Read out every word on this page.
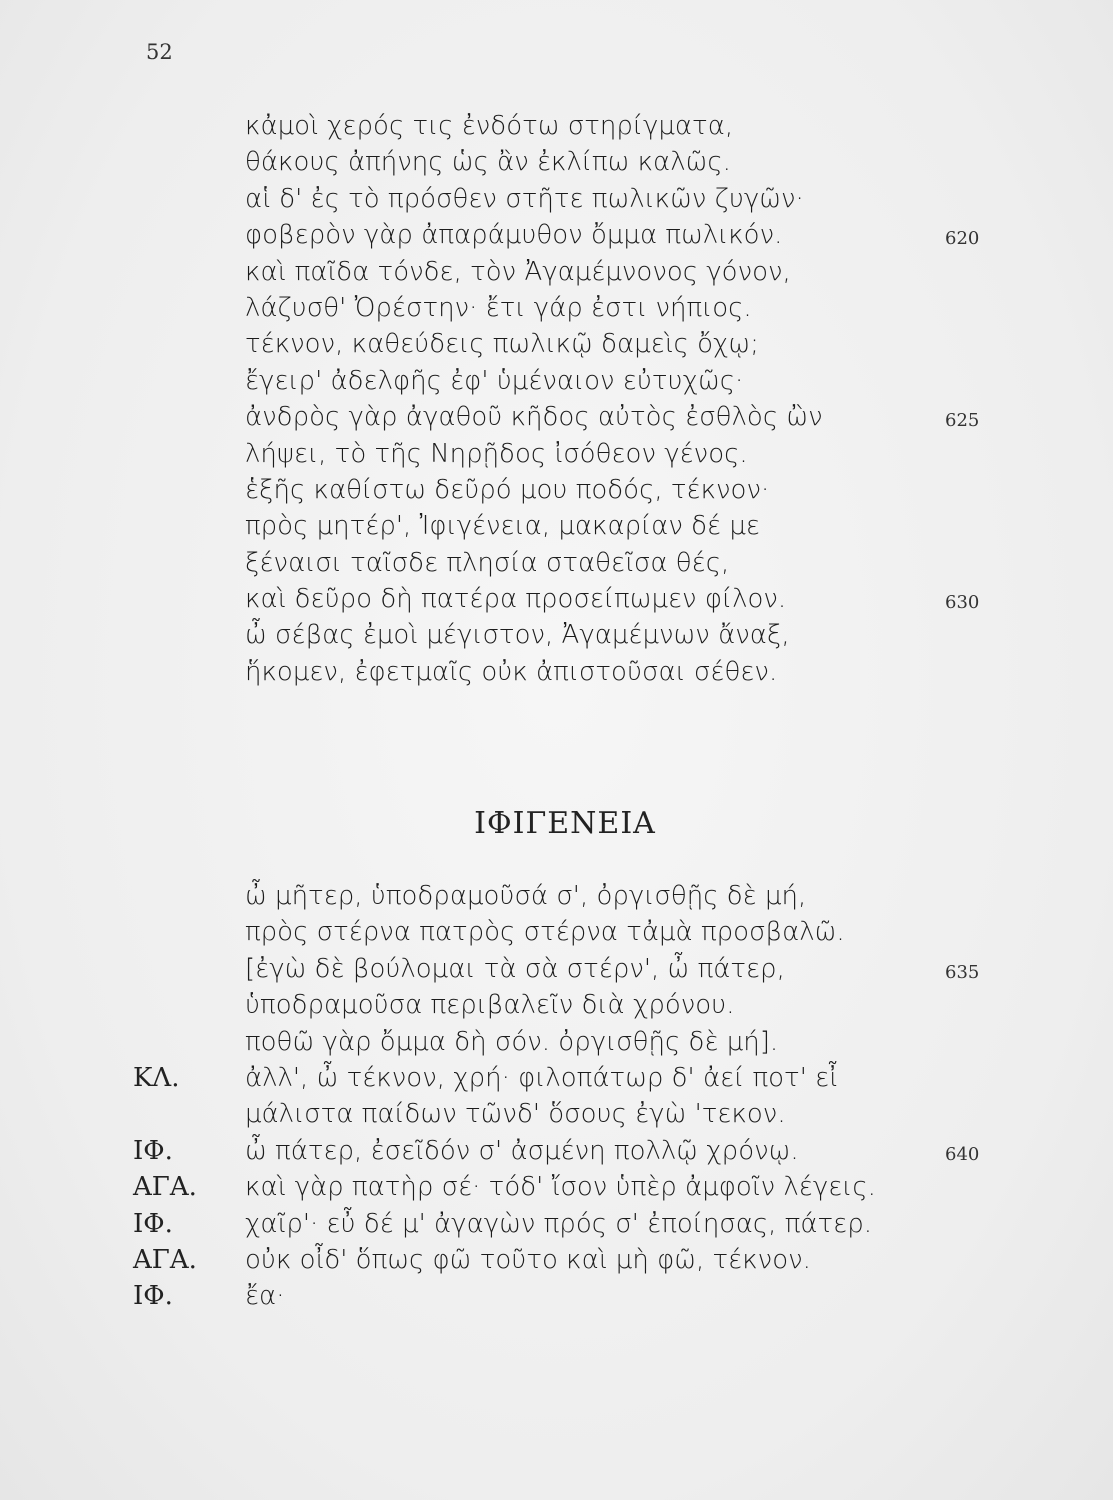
52
κἀμοὶ χερός τις ἐνδότω στηρίγματα,
θάκους ἀπήνης ὡς ἂν ἐκλίπω καλῶς.
αἱ δ' ἐς τὸ πρόσθεν στῆτε πωλικῶν ζυγῶν·
φοβερὸν γὰρ ἀπαράμυθον ὄμμα πωλικόν.	620
καὶ παῖδα τόνδε, τὸν Ἀγαμέμνονος γόνον,
λάζυσθ' Ὀρέστην· ἔτι γάρ ἐστι νήπιος.
τέκνον, καθεύδεις πωλικῷ δαμεὶς ὄχῳ;
ἔγειρ' ἀδελφῆς ἐφ' ὑμέναιον εὐτυχῶς·
ἀνδρὸς γὰρ ἀγαθοῦ κῆδος αὐτὸς ἐσθλὸς ὢν	625
λήψει, τὸ τῆς Νηρῇδος ἰσόθεον γένος.
ἑξῆς καθίστω δεῦρό μου ποδός, τέκνον·
πρὸς μητέρ', Ἰφιγένεια, μακαρίαν δέ με
ξέναισι ταῖσδε πλησία σταθεῖσα θές,
καὶ δεῦρο δὴ πατέρα προσείπωμεν φίλον.	630
ὦ σέβας ἐμοὶ μέγιστον, Ἀγαμέμνων ἄναξ,
ἥκομεν, ἐφετμαῖς οὐκ ἀπιστοῦσαι σέθεν.
ΙΦΙΓΕΝΕΙΑ
ὦ μῆτερ, ὑποδραμοῦσά σ', ὀργισθῇς δὲ μή,
πρὸς στέρνα πατρὸς στέρνα τἀμὰ προσβαλῶ.
[ἐγὼ δὲ βούλομαι τὰ σὰ στέρν', ὦ πάτερ,	635
ὑποδραμοῦσα περιβαλεῖν διὰ χρόνου.
ποθῶ γὰρ ὄμμα δὴ σόν. ὀργισθῇς δὲ μή].
ΚΛ.	ἀλλ', ὦ τέκνον, χρή· φιλοπάτωρ δ' ἀεί ποτ' εἶ
μάλιστα παίδων τῶνδ' ὅσους ἐγὼ 'τεκον.
ΙΦ.	ὦ πάτερ, ἐσεῖδόν σ' ἀσμένη πολλῷ χρόνῳ.	640
ΑΓΑ. καὶ γὰρ πατὴρ σέ· τόδ' ἴσον ὑπὲρ ἀμφοῖν λέγεις.
ΙΦ.	χαῖρ'· εὖ δέ μ' ἀγαγὼν πρός σ' ἐποίησας, πάτερ.
ΑΓΑ. οὐκ οἶδ' ὅπως φῶ τοῦτο καὶ μὴ φῶ, τέκνον.
ΙΦ.	ἔα·
